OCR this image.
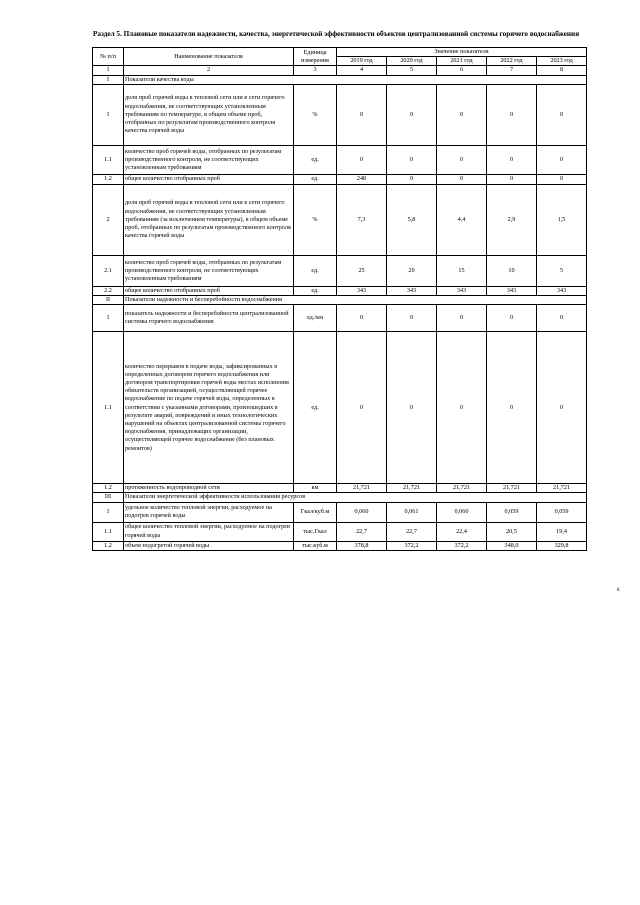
Раздел 5. Плановые показатели надежности, качества, энергетической эффективности объектов централизованной системы горячего водоснабжения
№ п/п	Наименование показателя	Единица измерения	Значение показателя				
			2019 год	2020 год	2021 год	2022 год	2023 год
1	2	3	4	5	6	7	8
I	Показатели качества воды						
1	доля проб горячей воды в тепловой сети или в сети горячего водоснабжения, не соответствующих установленным требованиям по температуре, в общем объеме проб, отобранных по результатам производственного контроля качества горячей воды	%	0	0	0	0	0
1.1	количество проб горячей воды, отобранных по результатам производственного контроля, не соответствующих установленным требованиям	ед.	0	0	0	0	0
1.2	общее количество отобранных проб	ед.	248	0	0	0	0
2	доля проб горячей воды в тепловой сети или в сети горячего водоснабжения, не соответствующих установленным требованиям (за исключением температуры), в общем объеме проб, отобранных по результатам производственного контроля качества горячей воды	%	7,3	5,8	4,4	2,9	1,5
2.1	количество проб горячей воды, отобранных по результатам производственного контроля, не соответствующих установленным требованиям	ед.	25	20	15	10	5
2.2	общее количество отобранных проб	ед.	343	343	343	343	343
II	Показатели надежности и бесперебойности водоснабжения						
1	показатель надежности и бесперебойности централизованной системы горячего водоснабжения	ед./км	0	0	0	0	0
1.1	количество перерывов в подаче воды, зафиксированных в определенных договором горячего водоснабжения или договором транспортировки горячей воды местах исполнения обязательств организацией, осуществляющей горячее водоснабжение по подаче горячей воды, определенных в соответствии с указанными договорами, произошедших в результате аварий, повреждений и иных технологических нарушений на объектах централизованной системы горячего водоснабжения, принадлежащих организации, осуществляющей горячее водоснабжение (без плановых ремонтов)	ед.	0	0	0	0	0
1.2	протяженность водопроводной сети	км	21,721	21,721	21,721	21,721	21,721
III	Показатели энергетической эффективности использования ресурсов						
1	удельное количество тепловой энергии, расходуемое на подогрев горячей воды	Гкал/куб.м	0,060	0,061	0,060	0,059	0,059
1.1	общее количество тепловой энергии, расходуемое на подогрев горячей воды	тыс.Гкал	22,7	22,7	22,4	20,5	19,4
1.2	объем подогретой горячей воды	тыс.куб.м	378,8	372,2	372,2	348,0	329,8
8
